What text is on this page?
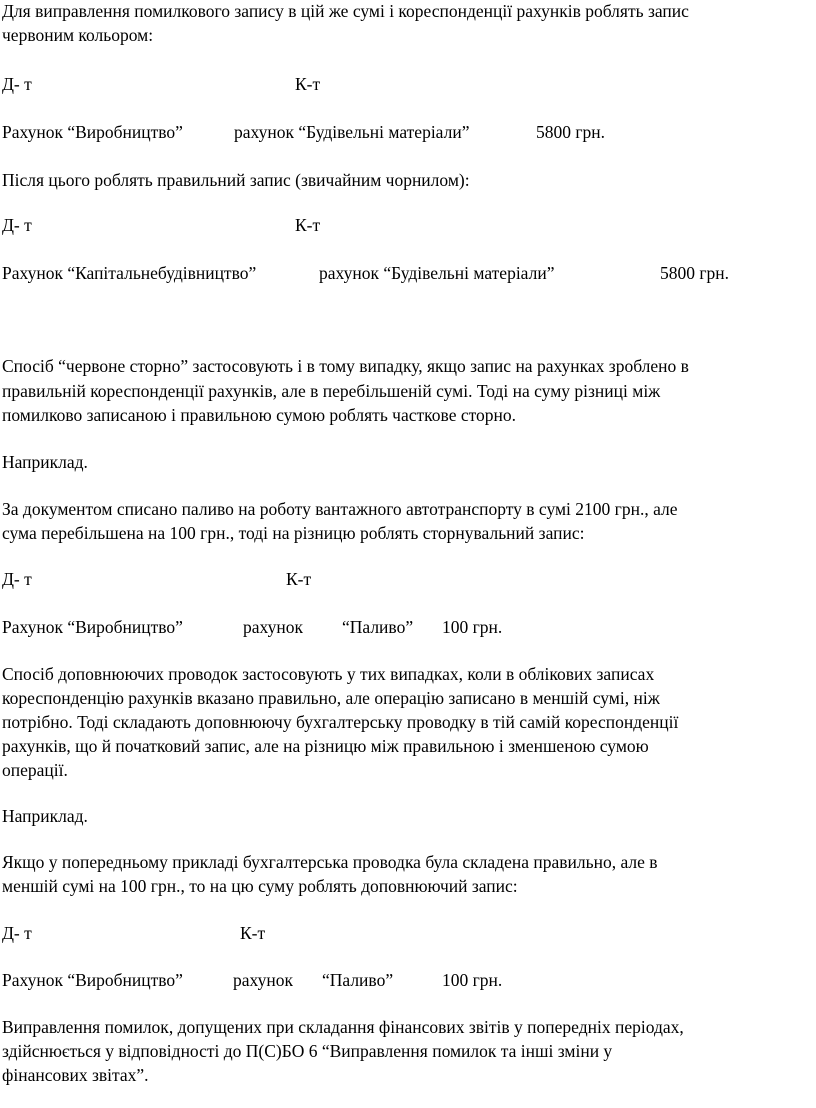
Для виправлення помилкового запису в цій же сумі і кореспонденції рахунків роблять запис
червоним кольором:
Д- т	К-т
Рахунок “Виробництво”	рахунок “Будівельні матеріали”	5800 грн.
Після цього роблять правильний запис (звичайним чорнилом):
Д- т	К-т
Рахунок “Капітальнебудівництво”	рахунок “Будівельні матеріали”	5800 грн.
Спосіб “червоне сторно” застосовують і в тому випадку, якщо запис на рахунках зроблено в
правильній кореспонденції рахунків, але в перебільшеній сумі. Тоді на суму різниці між
помилково записаною і правильною сумою роблять часткове сторно.
Наприклад.
За документом списано паливо на роботу вантажного автотранспорту в сумі 2100 грн., але
сума перебільшена на 100 грн., тоді на різницю роблять сторнувальний запис:
Д- т	К-т
Рахунок “Виробництво”	рахунок “Паливо” 100 грн.
Спосіб доповнюючих проводок застосовують у тих випадках, коли в облікових записах
кореспонденцію рахунків вказано правильно, але операцію записано в меншій сумі, ніж
потрібно. Тоді складають доповнюючу бухгалтерську проводку в тій самій кореспонденції
рахунків, що й початковий запис, але на різницю між правильною і зменшеною сумою
операції.
Наприклад.
Якщо у попередньому прикладі бухгалтерська проводка була складена правильно, але в
меншій сумі на 100 грн., то на цю суму роблять доповнюючий запис:
Д- т	К-т
Рахунок “Виробництво”	рахунок “Паливо”	100 грн.
Виправлення помилок, допущених при складання фінансових звітів у попередніх періодах,
здійснюється у відповідності до П(С)БО 6 “Виправлення помилок та інші зміни у
фінансових звітах”.
